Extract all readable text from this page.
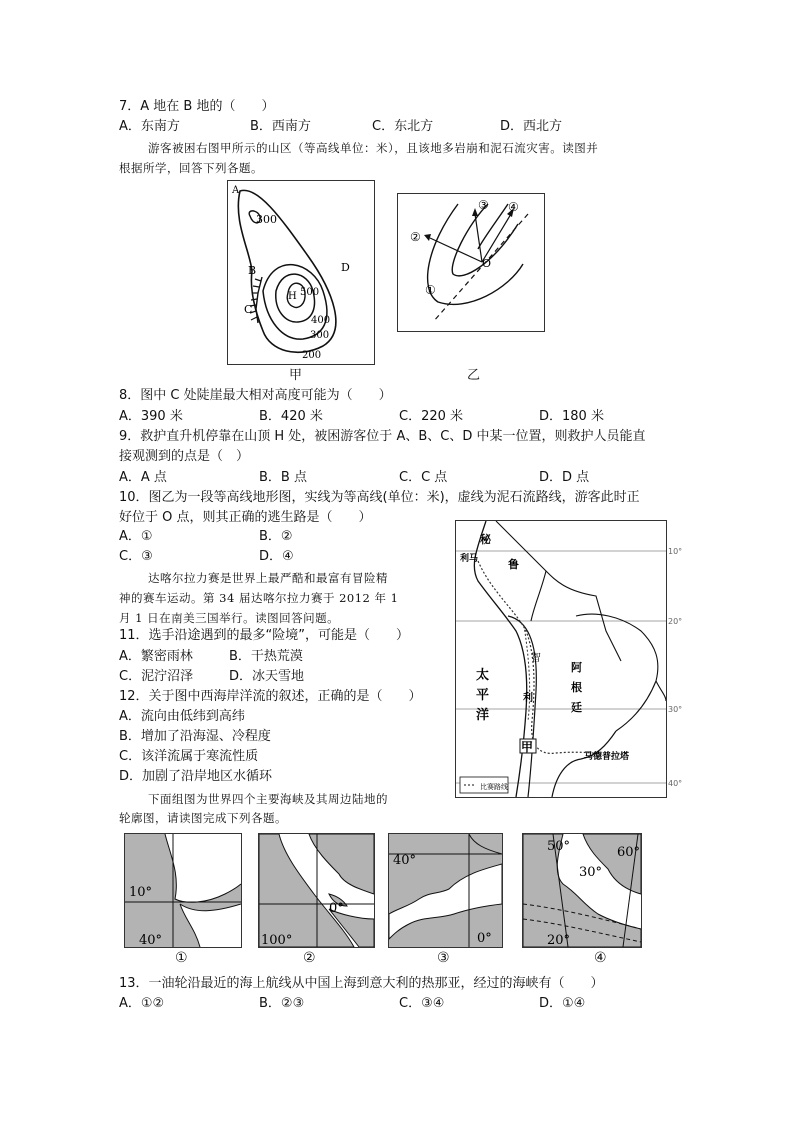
7．A 地在 B 地的（　　）
A．东南方	B．西南方	C．东北方	D．西北方
游客被困右图甲所示的山区（等高线单位：米），且该地多岩崩和泥石流灾害。读图并
根据所学，回答下列各题。
A
B
C
D
H
300
500
400
300
200
甲
③ ④
②
①
O
乙
8．图中 C 处陡崖最大相对高度可能为（　　）
A．390 米	B．420 米	C．220 米	D．180 米
9．救护直升机停靠在山顶 H 处，被困游客位于 A、B、C、D 中某一位置，则救护人员能直
接观测到的点是（　）
A．A 点	B．B 点	C．C 点	D．D 点
10．图乙为一段等高线地形图，实线为等高线(单位：米)，虚线为泥石流路线，游客此时正
好位于 O 点，则其正确的逃生路是（　　）
A．①	B．②
C．③	D．④
达喀尔拉力赛是世界上最严酷和最富有冒险精
神的赛车运动。第 34 届达喀尔拉力赛于 2012 年 1
月 1 日在南美三国举行。读图回答问题。
11．选手沿途遇到的最多“险境”，可能是（　　）
A．繁密雨林	B．干热荒漠
C．泥泞沼泽	D．冰天雪地
12．关于图中西海岸洋流的叙述，正确的是（　　）
A．流向由低纬到高纬
B．增加了沿海湿、冷程度
C．该洋流属于寒流性质
D．加剧了沿岸地区水循环
秘
鲁
利马
太
平
洋
智
利
阿
根
廷
马德普拉塔
甲
比赛路线
10°
20°
30°
40°
下面组图为世界四个主要海峡及其周边陆地的
轮廓图，请读图完成下列各题。
10°
40°
①
100°
0°
②
40°
0°
③
50°	60°
30°
20°
④
13．一油轮沿最近的海上航线从中国上海到意大利的热那亚，经过的海峡有（　　）
A．①②	B．②③	C．③④	D．①④
